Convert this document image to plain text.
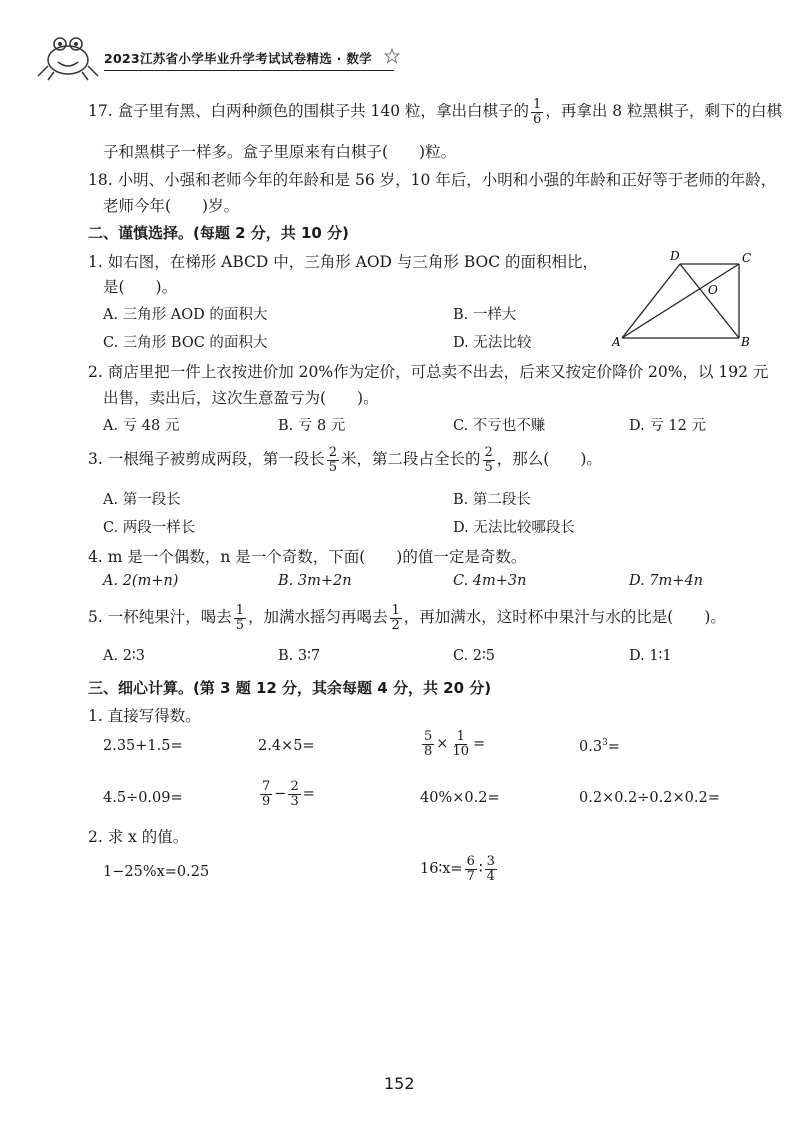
2023江苏省小学毕业升学考试试卷精选 · 数学
17. 盒子里有黑、白两种颜色的围棋子共 140 粒，拿出白棋子的 $\frac{1}{6}$ ，再拿出 8 粒黑棋子，剩下的白棋
子和黑棋子一样多。盒子里原来有白棋子(　　)粒。
18. 小明、小强和老师今年的年龄和是 56 岁，10 年后，小明和小强的年龄和正好等于老师的年龄，
老师今年(　　)岁。
二、谨慎选择。(每题 2 分，共 10 分)
1. 如右图，在梯形 ABCD 中，三角形 AOD 与三角形 BOC 的面积相比，
是(　　)。
A. 三角形 AOD 的面积大	B. 一样大
C. 三角形 BOC 的面积大	D. 无法比较	A	B
C
D
O
2. 商店里把一件上衣按进价加 20%作为定价，可总卖不出去，后来又按定价降价 20%，以 192 元
出售，卖出后，这次生意盈亏为(　　)。
A. 亏 48 元	B. 亏 8 元	C. 不亏也不赚	D. 亏 12 元
3. 一根绳子被剪成两段，第一段长 $\frac{2}{5}$ 米，第二段占全长的 $\frac{2}{5}$ ，那么(　　)。
A. 第一段长	B. 第二段长
C. 两段一样长	D. 无法比较哪段长
4. m 是一个偶数，n 是一个奇数，下面(　　)的值一定是奇数。
A. 2(m+n)	B. 3m+2n	C. 4m+3n	D. 7m+4n
5. 一杯纯果汁，喝去 $\frac{1}{5}$ ，加满水摇匀再喝去 $\frac{1}{2}$ ，再加满水，这时杯中果汁与水的比是(　　)。
A. 2∶3	B. 3∶7	C. 2∶5	D. 1∶1
三、细心计算。(第 3 题 12 分，其余每题 4 分，共 20 分)
1. 直接写得数。
2.35+1.5=	2.4×5=	$\frac{5}{8} \times \frac{1}{10}$ =	$0.3^3=$
4.5÷0.09=	$\frac{7}{9} - \frac{2}{3}$ =	40%×0.2=	0.2×0.2÷0.2×0.2=
2. 求 x 的值。
1−25%x=0.25	16∶x= $\frac{6}{7}$ ∶ $\frac{3}{4}$
152
